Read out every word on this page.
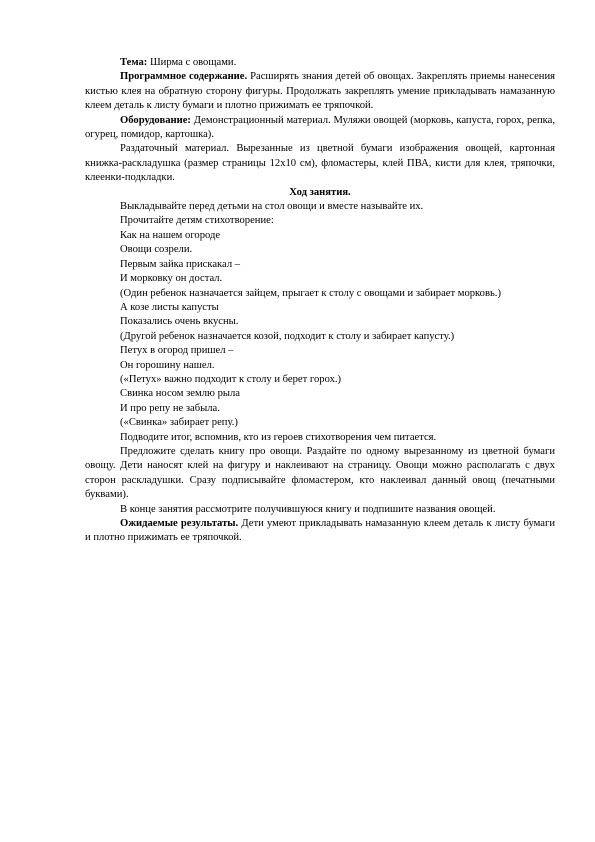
Тема: Ширма с овощами.

Программное содержание. Расширять знания детей об овощах. Закреплять приемы нанесения кистью клея на обратную сторону фигуры. Продолжать закреплять умение прикладывать намазанную клеем деталь к листу бумаги и плотно прижимать ее тряпочкой.

Оборудование: Демонстрационный материал. Муляжи овощей (морковь, капуста, горох, репка, огурец, помидор, картошка).

Раздаточный материал. Вырезанные из цветной бумаги изображения овощей, картонная книжка-раскладушка (размер страницы 12x10 см), фломастеры, клей ПВА, кисти для клея, тряпочки, клеенки-подкладки.

Ход занятия.

Выкладывайте перед детьми на стол овощи и вместе называйте их.

Прочитайте детям стихотворение:

Как на нашем огороде

Овощи созрели.

Первым зайка прискакал –

И морковку он достал.

(Один ребенок назначается зайцем, прыгает к столу с овощами и забирает морковь.)

А козе листы капусты

Показались очень вкусны.

(Другой ребенок назначается козой, подходит к столу и забирает капусту.)

Петух в огород пришел –

Он горошину нашел.

(«Петух» важно подходит к столу и берет горох.)

Свинка носом землю рыла

И про репу не забыла.

(«Свинка» забирает репу.)

Подводите итог, вспомнив, кто из героев стихотворения чем питается.

Предложите сделать книгу про овощи. Раздайте по одному вырезанному из цветной бумаги овощу. Дети наносят клей на фигуру и наклеивают на страницу. Овощи можно располагать с двух сторон раскладушки. Сразу подписывайте фломастером, кто наклеивал данный овощ (печатными буквами).

В конце занятия рассмотрите получившуюся книгу и подпишите названия овощей.

Ожидаемые результаты. Дети умеют прикладывать намазанную клеем деталь к листу бумаги и плотно прижимать ее тряпочкой.
